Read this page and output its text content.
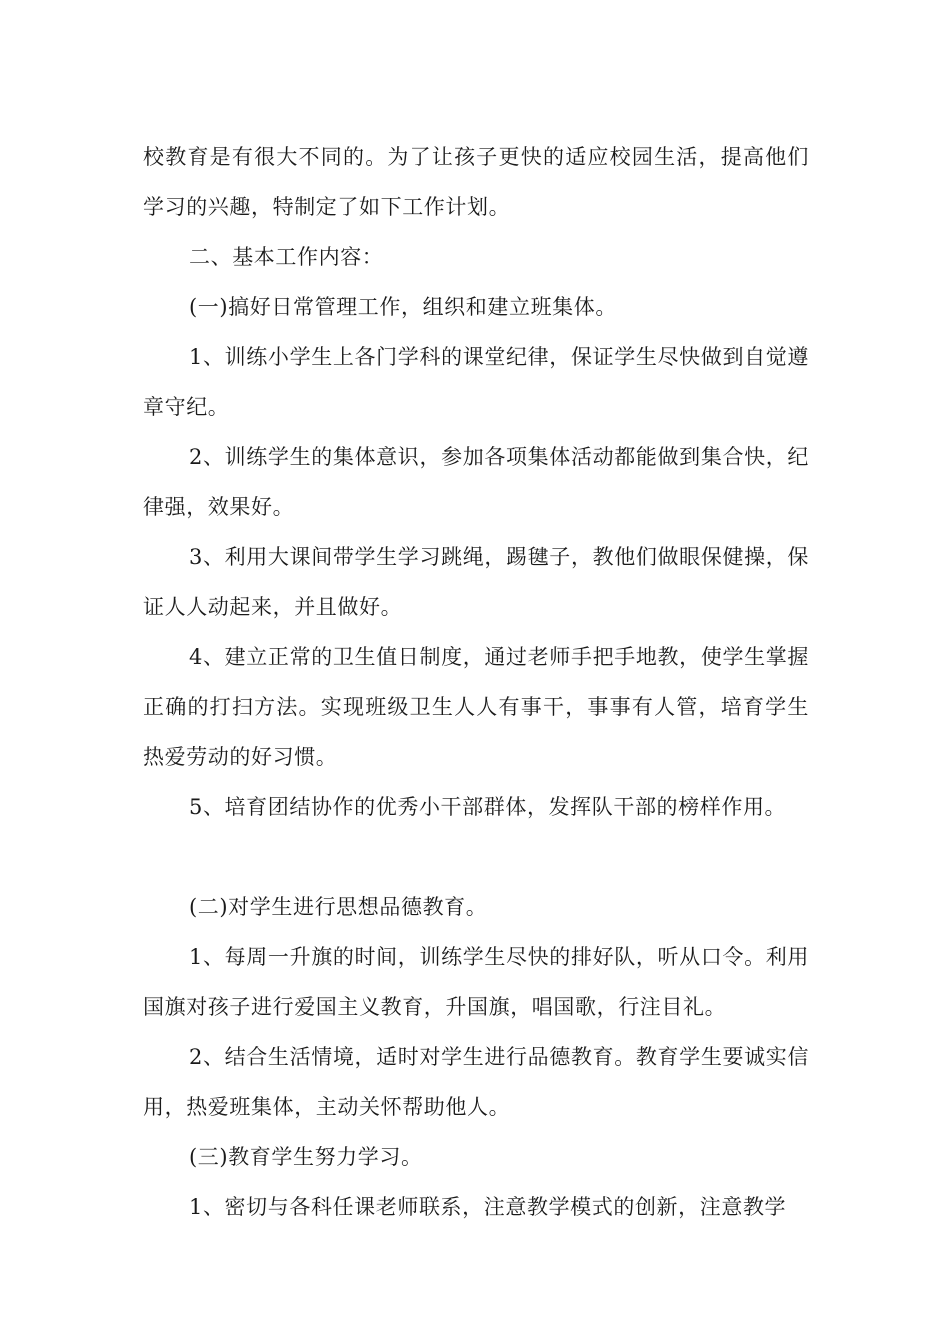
校教育是有很大不同的。为了让孩子更快的适应校园生活，提高他们学习的兴趣，特制定了如下工作计划。

二、基本工作内容：

(一)搞好日常管理工作，组织和建立班集体。

1、训练小学生上各门学科的课堂纪律，保证学生尽快做到自觉遵章守纪。

2、训练学生的集体意识，参加各项集体活动都能做到集合快，纪律强，效果好。

3、利用大课间带学生学习跳绳，踢毽子，教他们做眼保健操，保证人人动起来，并且做好。

4、建立正常的卫生值日制度，通过老师手把手地教，使学生掌握正确的打扫方法。实现班级卫生人人有事干，事事有人管，培育学生热爱劳动的好习惯。

5、培育团结协作的优秀小干部群体，发挥队干部的榜样作用。

(二)对学生进行思想品德教育。

1、每周一升旗的时间，训练学生尽快的排好队，听从口令。利用国旗对孩子进行爱国主义教育，升国旗，唱国歌，行注目礼。

2、结合生活情境，适时对学生进行品德教育。教育学生要诚实信用，热爱班集体，主动关怀帮助他人。

(三)教育学生努力学习。

1、密切与各科任课老师联系，注意教学模式的创新，注意教学
